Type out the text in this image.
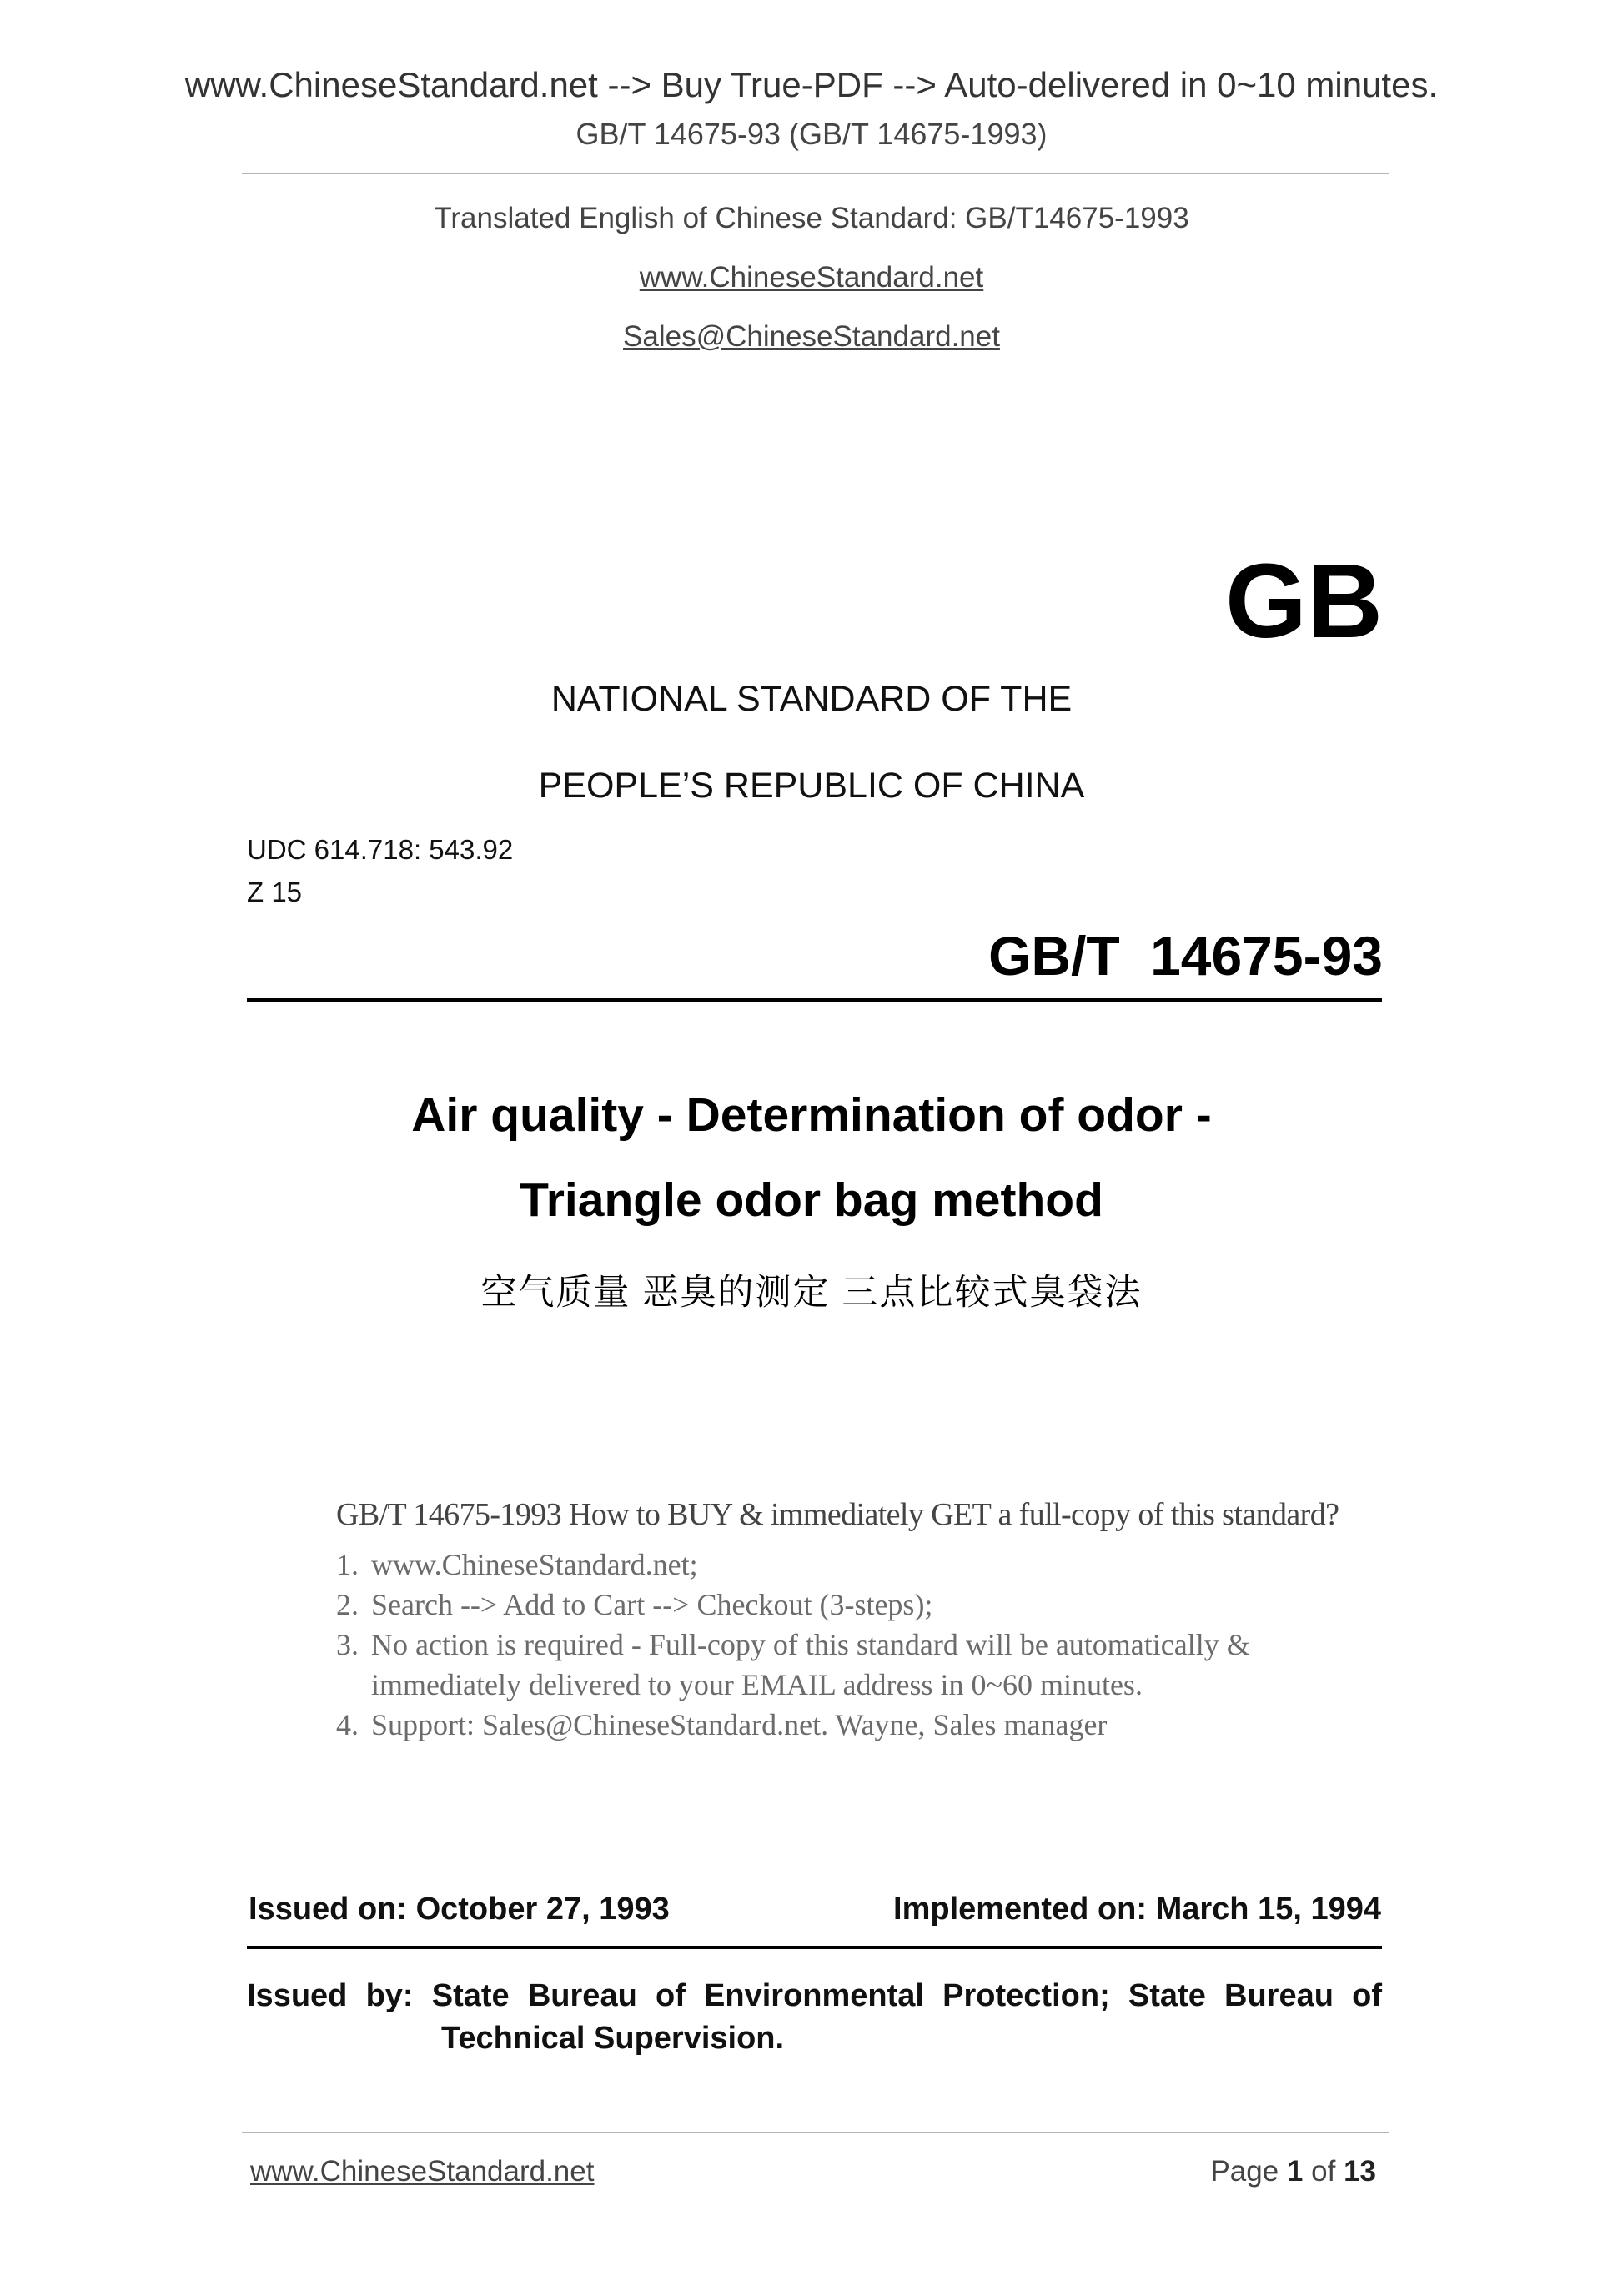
www.ChineseStandard.net --> Buy True-PDF --> Auto-delivered in 0~10 minutes.
GB/T 14675-93 (GB/T 14675-1993)
Translated English of Chinese Standard: GB/T14675-1993
www.ChineseStandard.net
Sales@ChineseStandard.net
GB
NATIONAL STANDARD OF THE
PEOPLE’S REPUBLIC OF CHINA
UDC 614.718: 543.92
Z 15
GB/T 14675-93
Air quality - Determination of odor -
Triangle odor bag method
空气质量 恶臭的测定 三点比较式臭袋法

GB/T 14675-1993 How to BUY & immediately GET a full-copy of this standard?

1. www.ChineseStandard.net;
2. Search --> Add to Cart --> Checkout (3-steps);
3. No action is required - Full-copy of this standard will be automatically & immediately delivered to your EMAIL address in 0~60 minutes.
4. Support: Sales@ChineseStandard.net. Wayne, Sales manager
Issued on: October 27, 1993	Implemented on: March 15, 1994
Issued by: State Bureau of Environmental Protection; State Bureau of
Technical Supervision.
www.ChineseStandard.net	Page 1 of 13
